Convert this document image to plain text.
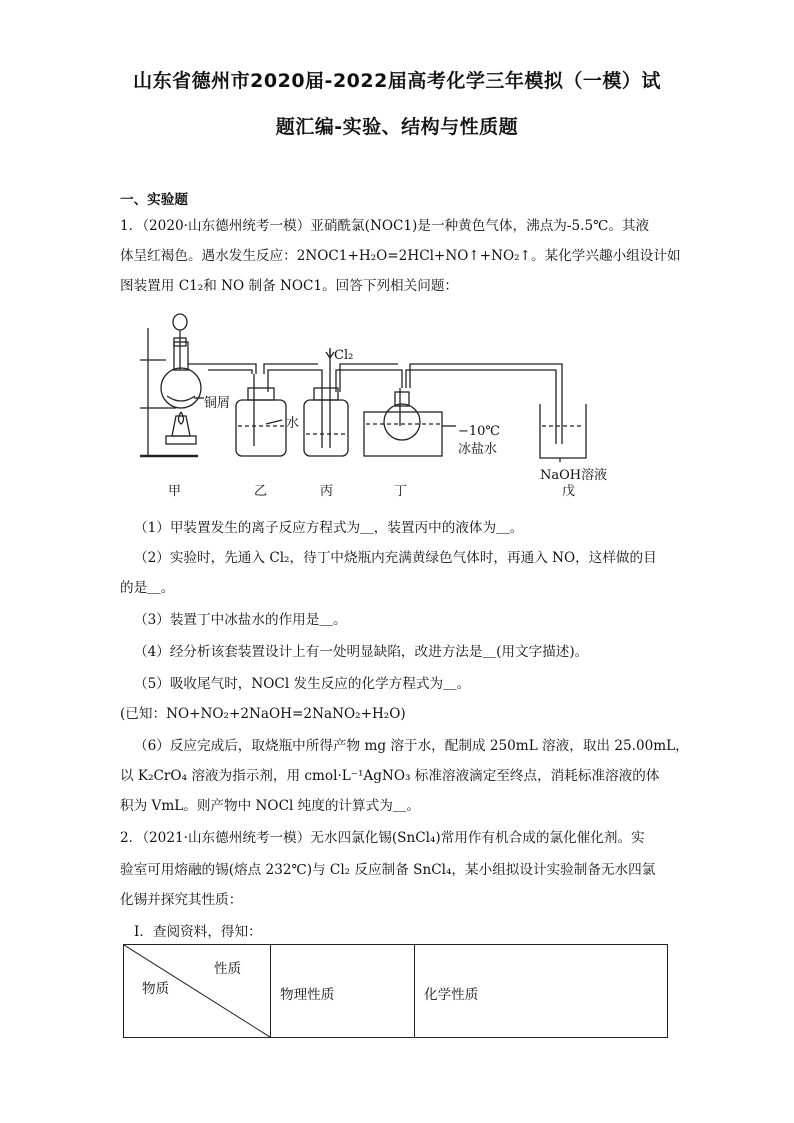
山东省德州市2020届-2022届高考化学三年模拟（一模）试
题汇编-实验、结构与性质题
一、实验题
1．（2020·山东德州统考一模）亚硝酰氯(NOC1)是一种黄色气体，沸点为-5.5℃。其液
体呈红褐色。遇水发生反应：2NOC1+H₂O=2HCl+NO↑+NO₂↑。某化学兴趣小组设计如
图装置用 C1₂和 NO 制备 NOC1。回答下列相关问题：
Cl₂
铜屑
水
−10℃
冰盐水
NaOH溶液
甲	乙	丙	丁	戊
（1）甲装置发生的离子反应方程式为＿，装置丙中的液体为＿。
（2）实验时，先通入 Cl₂，待丁中烧瓶内充满黄绿色气体时，再通入 NO，这样做的目
的是＿。
（3）装置丁中冰盐水的作用是＿。
（4）经分析该套装置设计上有一处明显缺陷，改进方法是＿(用文字描述)。
（5）吸收尾气时，NOCl 发生反应的化学方程式为＿。
(已知：NO+NO₂+2NaOH=2NaNO₂+H₂O)
（6）反应完成后，取烧瓶中所得产物 mg 溶于水，配制成 250mL 溶液，取出 25.00mL，
以 K₂CrO₄ 溶液为指示剂，用 cmol·L⁻¹AgNO₃ 标准溶液滴定至终点，消耗标准溶液的体
积为 VmL。则产物中 NOCl 纯度的计算式为＿。
2．（2021·山东德州统考一模）无水四氯化锡(SnCl₄)常用作有机合成的氯化催化剂。实
验室可用熔融的锡(熔点 232℃)与 Cl₂ 反应制备 SnCl₄，某小组拟设计实验制备无水四氯
化锡并探究其性质：
Ⅰ．查阅资料，得知：
性质
物质	物理性质	化学性质
